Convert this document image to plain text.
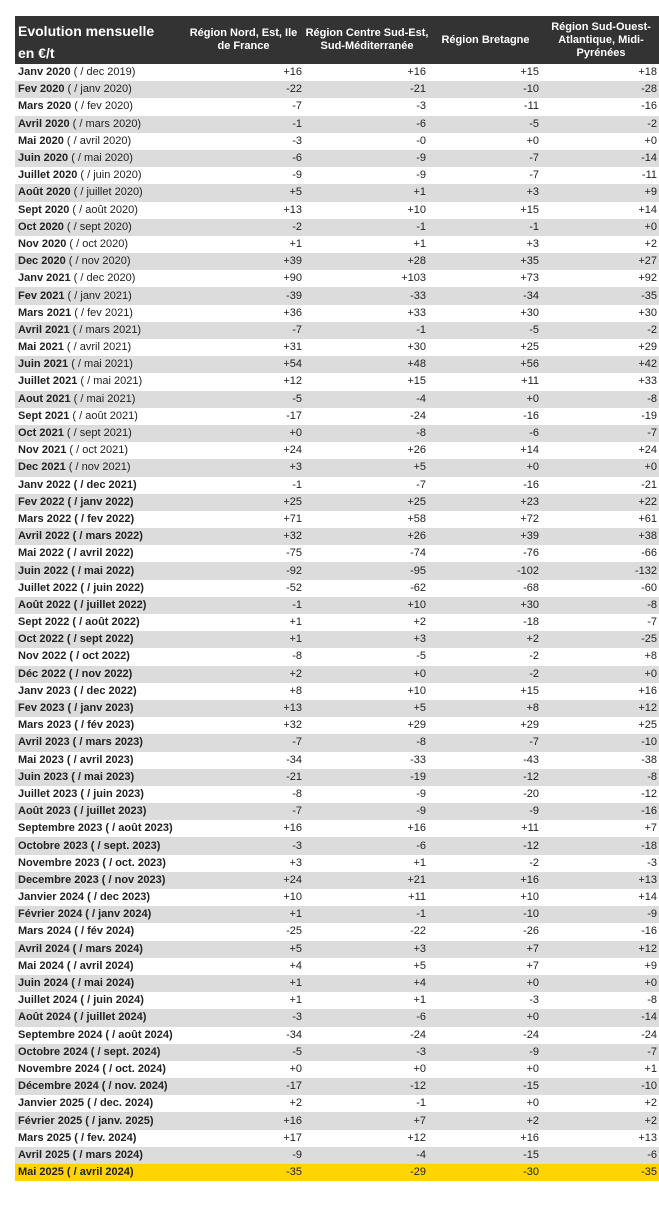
Evolution mensuelle
en €/t	Région Nord, Est, Ile de France	Région Centre Sud-Est, Sud-Méditerranée	Région Bretagne	Région Sud-Ouest-Atlantique, Midi-Pyrénées
Janv 2020 ( / dec 2019)	+16	+16	+15	+18
Fev 2020 ( / janv 2020)	-22	-21	-10	-28
Mars 2020 ( / fev 2020)	-7	-3	-11	-16
Avril 2020 ( / mars 2020)	-1	-6	-5	-2
Mai 2020 ( / avril 2020)	-3	-0	+0	+0
Juin 2020 ( / mai 2020)	-6	-9	-7	-14
Juillet 2020 ( / juin 2020)	-9	-9	-7	-11
Août 2020 ( / juillet 2020)	+5	+1	+3	+9
Sept 2020 ( / août 2020)	+13	+10	+15	+14
Oct 2020 ( / sept 2020)	-2	-1	-1	+0
Nov 2020 ( / oct 2020)	+1	+1	+3	+2
Dec 2020 ( / nov 2020)	+39	+28	+35	+27
Janv 2021 ( / dec 2020)	+90	+103	+73	+92
Fev 2021 ( / janv 2021)	-39	-33	-34	-35
Mars 2021 ( / fev 2021)	+36	+33	+30	+30
Avril 2021 ( / mars 2021)	-7	-1	-5	-2
Mai 2021 ( / avril 2021)	+31	+30	+25	+29
Juin 2021 ( / mai 2021)	+54	+48	+56	+42
Juillet 2021 ( / mai 2021)	+12	+15	+11	+33
Aout 2021 ( / mai 2021)	-5	-4	+0	-8
Sept 2021 ( / août 2021)	-17	-24	-16	-19
Oct 2021 ( / sept 2021)	+0	-8	-6	-7
Nov 2021 ( / oct 2021)	+24	+26	+14	+24
Dec 2021 ( / nov 2021)	+3	+5	+0	+0
Janv 2022 ( / dec 2021)	-1	-7	-16	-21
Fev 2022 ( / janv 2022)	+25	+25	+23	+22
Mars 2022 ( / fev 2022)	+71	+58	+72	+61
Avril 2022 ( / mars 2022)	+32	+26	+39	+38
Mai 2022 ( / avril 2022)	-75	-74	-76	-66
Juin 2022 ( / mai 2022)	-92	-95	-102	-132
Juillet 2022 ( / juin 2022)	-52	-62	-68	-60
Août 2022 ( / juillet 2022)	-1	+10	+30	-8
Sept 2022 ( / août 2022)	+1	+2	-18	-7
Oct 2022 ( / sept 2022)	+1	+3	+2	-25
Nov 2022 ( / oct 2022)	-8	-5	-2	+8
Déc 2022 ( / nov 2022)	+2	+0	-2	+0
Janv 2023 ( / dec 2022)	+8	+10	+15	+16
Fev 2023 ( / janv 2023)	+13	+5	+8	+12
Mars 2023 ( / fév 2023)	+32	+29	+29	+25
Avril 2023 ( / mars 2023)	-7	-8	-7	-10
Mai 2023 ( / avril 2023)	-34	-33	-43	-38
Juin 2023 ( / mai 2023)	-21	-19	-12	-8
Juillet 2023 ( / juin 2023)	-8	-9	-20	-12
Août 2023 ( / juillet 2023)	-7	-9	-9	-16
Septembre 2023 ( / août 2023)	+16	+16	+11	+7
Octobre 2023 ( / sept. 2023)	-3	-6	-12	-18
Novembre 2023 ( / oct. 2023)	+3	+1	-2	-3
Decembre 2023 ( / nov 2023)	+24	+21	+16	+13
Janvier 2024 ( / dec 2023)	+10	+11	+10	+14
Février 2024 ( / janv 2024)	+1	-1	-10	-9
Mars 2024 ( / fév 2024)	-25	-22	-26	-16
Avril 2024 ( / mars 2024)	+5	+3	+7	+12
Mai 2024 ( / avril 2024)	+4	+5	+7	+9
Juin 2024 ( / mai 2024)	+1	+4	+0	+0
Juillet 2024 ( / juin 2024)	+1	+1	-3	-8
Août 2024 ( / juillet 2024)	-3	-6	+0	-14
Septembre 2024 ( / août 2024)	-34	-24	-24	-24
Octobre 2024 ( / sept. 2024)	-5	-3	-9	-7
Novembre 2024 ( / oct. 2024)	+0	+0	+0	+1
Décembre 2024 ( / nov. 2024)	-17	-12	-15	-10
Janvier 2025 ( / dec. 2024)	+2	-1	+0	+2
Février 2025 ( / janv. 2025)	+16	+7	+2	+2
Mars 2025 ( / fev. 2024)	+17	+12	+16	+13
Avril 2025 ( / mars 2024)	-9	-4	-15	-6
Mai 2025 ( / avril 2024)	-35	-29	-30	-35
